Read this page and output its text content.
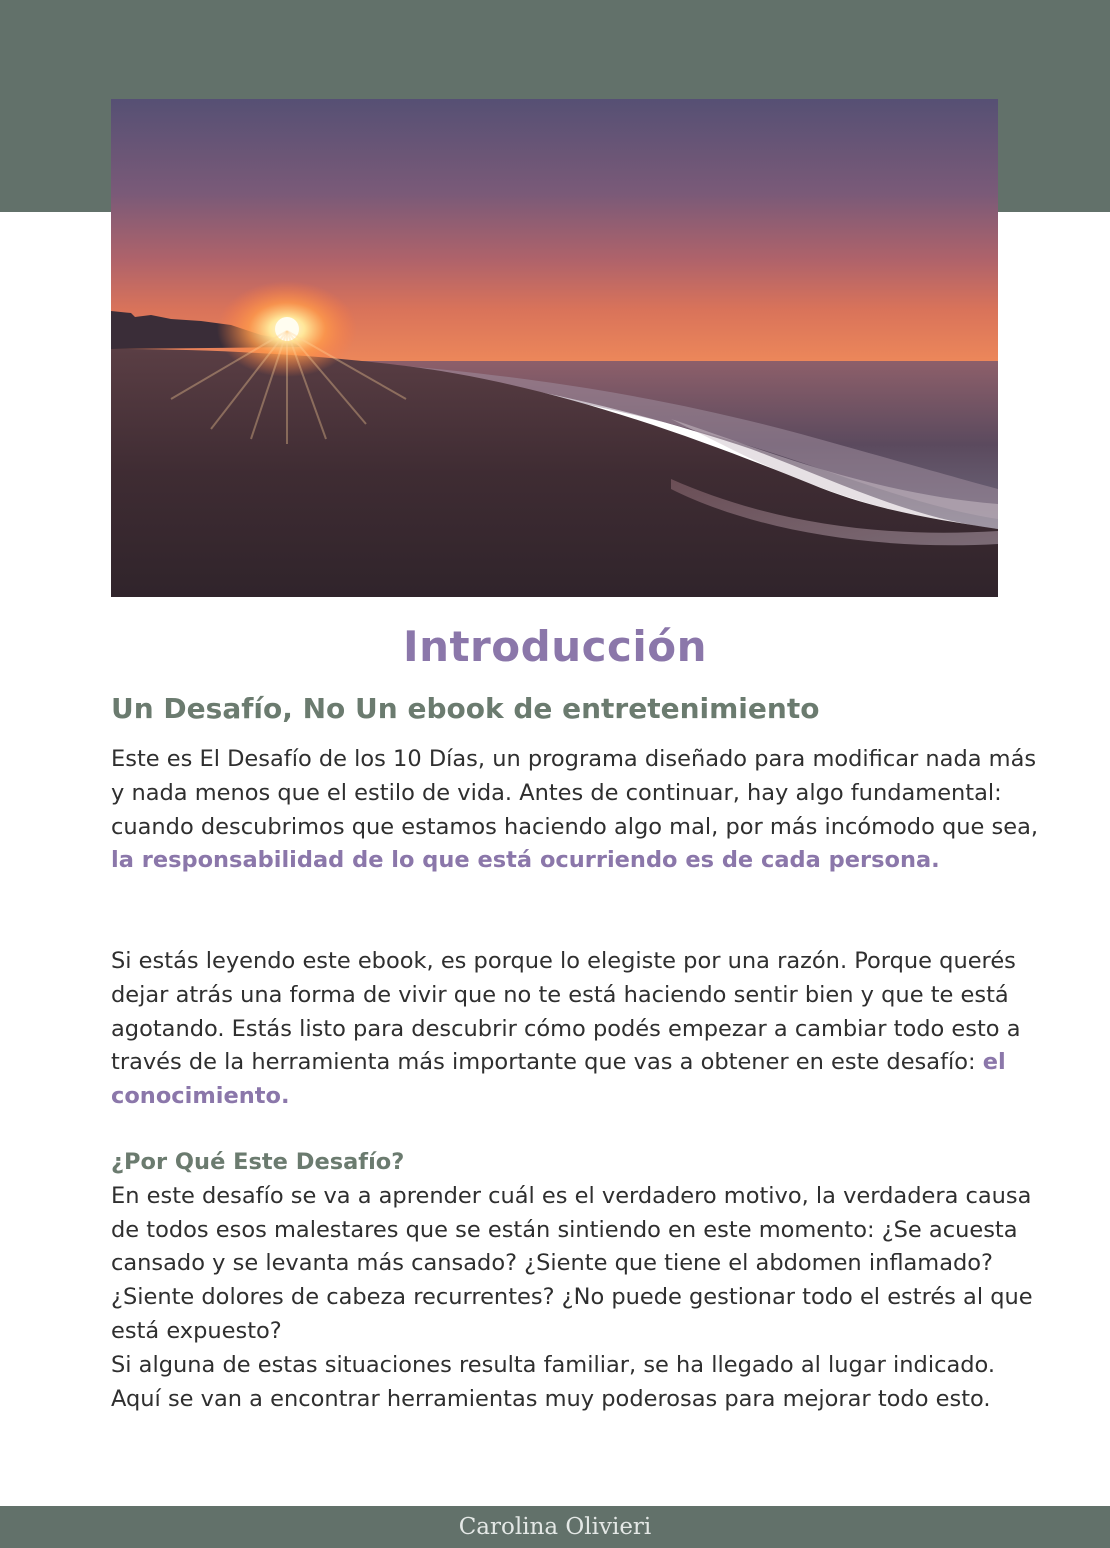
Introducción
Un Desafío, No Un ebook de entretenimiento

Este es El Desafío de los 10 Días, un programa diseñado para modificar nada más y nada menos que el estilo de vida. Antes de continuar, hay algo fundamental: cuando descubrimos que estamos haciendo algo mal, por más incómodo que sea, la responsabilidad de lo que está ocurriendo es de cada persona.

Si estás leyendo este ebook, es porque lo elegiste por una razón. Porque querés dejar atrás una forma de vivir que no te está haciendo sentir bien y que te está agotando. Estás listo para descubrir cómo podés empezar a cambiar todo esto a través de la herramienta más importante que vas a obtener en este desafío: el conocimiento.

¿Por Qué Este Desafío?
En este desafío se va a aprender cuál es el verdadero motivo, la verdadera causa de todos esos malestares que se están sintiendo en este momento: ¿Se acuesta cansado y se levanta más cansado? ¿Siente que tiene el abdomen inflamado? ¿Siente dolores de cabeza recurrentes? ¿No puede gestionar todo el estrés al que está expuesto?
Si alguna de estas situaciones resulta familiar, se ha llegado al lugar indicado. Aquí se van a encontrar herramientas muy poderosas para mejorar todo esto.

Carolina Olivieri
